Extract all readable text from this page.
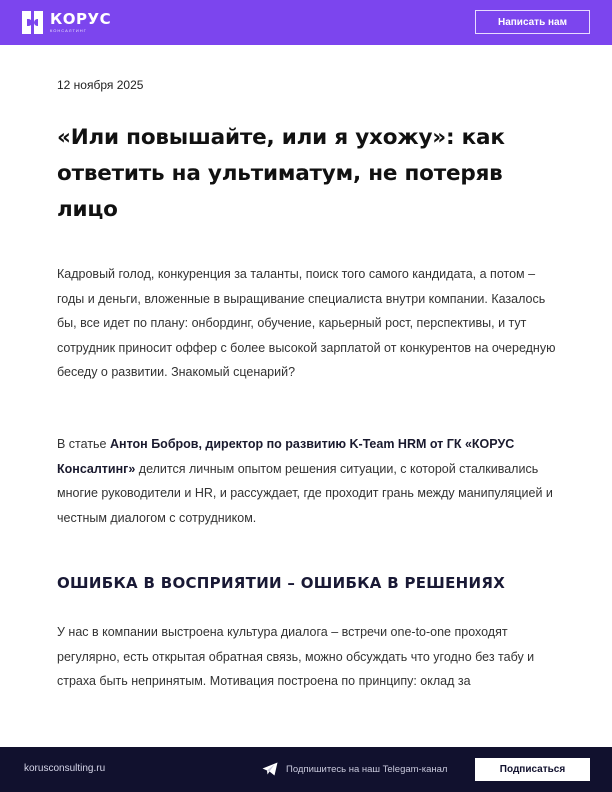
КОРУС
КОНСАЛТИНГ
Написать нам
12 ноября 2025
«Или повышайте, или я ухожу»: как ответить на ультиматум, не потеряв лицо

Кадровый голод, конкуренция за таланты, поиск того самого кандидата, а потом – годы и деньги, вложенные в выращивание специалиста внутри компании. Казалось бы, все идет по плану: онбординг, обучение, карьерный рост, перспективы, и тут сотрудник приносит оффер с более высокой зарплатой от конкурентов на очередную беседу о развитии. Знакомый сценарий?

В статье Антон Бобров, директор по развитию K-Team HRM от ГК «КОРУС Консалтинг» делится личным опытом решения ситуации, с которой сталкивались многие руководители и HR, и рассуждает, где проходит грань между манипуляцией и честным диалогом с сотрудником.

ОШИБКА В ВОСПРИЯТИИ – ОШИБКА В РЕШЕНИЯХ

У нас в компании выстроена культура диалога – встречи one-to-one проходят регулярно, есть открытая обратная связь, можно обсуждать что угодно без табу и страха быть непринятым. Мотивация построена по принципу: оклад за

korusconsulting.ru	Подпишитесь на наш Telegam-канал	Подписаться
